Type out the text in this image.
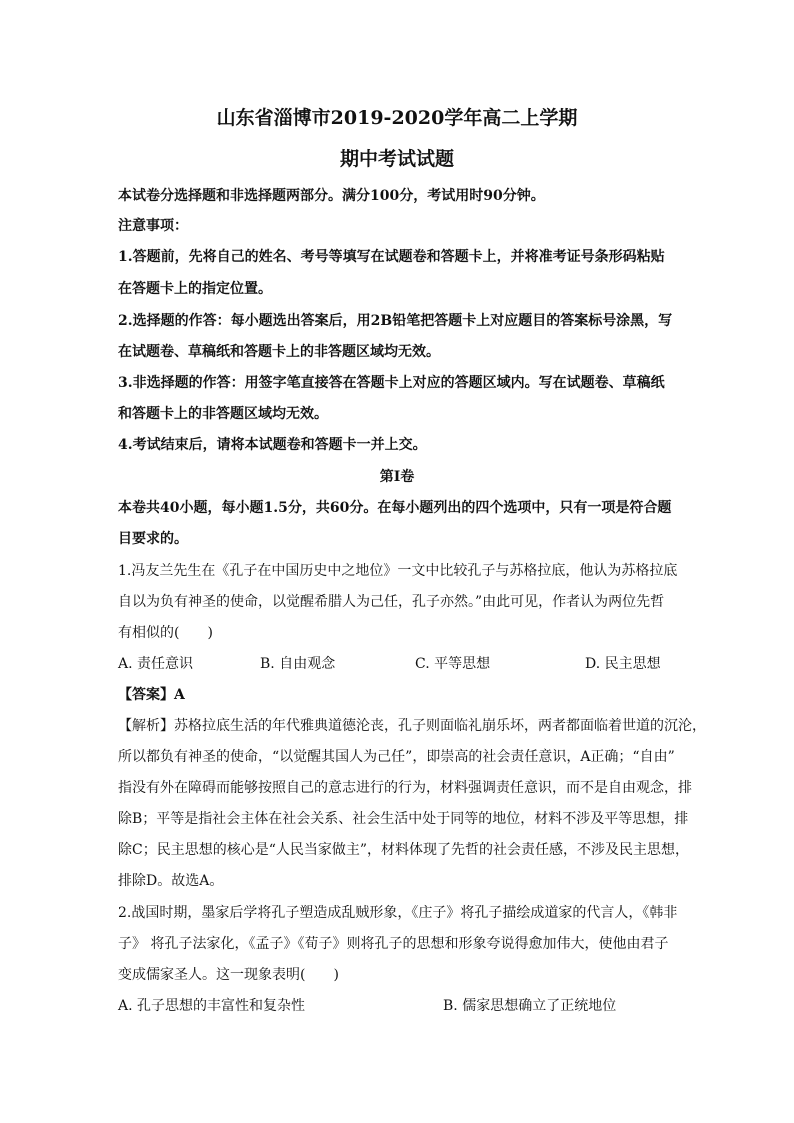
山东省淄博市2019-2020学年高二上学期
期中考试试题
本试卷分选择题和非选择题两部分。满分100分，考试用时90分钟。
注意事项：
1.答题前，先将自己的姓名、考号等填写在试题卷和答题卡上，并将准考证号条形码粘贴
在答题卡上的指定位置。
2.选择题的作答：每小题选出答案后，用2B铅笔把答题卡上对应题目的答案标号涂黑，写
在试题卷、草稿纸和答题卡上的非答题区域均无效。
3.非选择题的作答：用签字笔直接答在答题卡上对应的答题区域内。写在试题卷、草稿纸
和答题卡上的非答题区域均无效。
4.考试结束后，请将本试题卷和答题卡一并上交。
第Ⅰ卷
本卷共40小题，每小题1.5分，共60分。在每小题列出的四个选项中，只有一项是符合题
目要求的。
1.冯友兰先生在《孔子在中国历史中之地位》一文中比较孔子与苏格拉底，他认为苏格拉底
自以为负有神圣的使命，以觉醒希腊人为己任，孔子亦然。”由此可见，作者认为两位先哲
有相似的(　　)
A. 责任意识	B. 自由观念	C. 平等思想	D. 民主思想
【答案】A
【解析】苏格拉底生活的年代雅典道德沦丧，孔子则面临礼崩乐坏，两者都面临着世道的沉沦，
所以都负有神圣的使命，“以觉醒其国人为己任”，即崇高的社会责任意识，A正确；“自由”
指没有外在障碍而能够按照自己的意志进行的行为，材料强调责任意识，而不是自由观念，排
除B；平等是指社会主体在社会关系、社会生活中处于同等的地位，材料不涉及平等思想，排
除C；民主思想的核心是“人民当家做主”，材料体现了先哲的社会责任感，不涉及民主思想，
排除D。故选A。
2.战国时期，墨家后学将孔子塑造成乱贼形象，《庄子》将孔子描绘成道家的代言人，《韩非
子》 将孔子法家化，《孟子》《荀子》则将孔子的思想和形象夸说得愈加伟大，使他由君子
变成儒家圣人。这一现象表明(　　)
A. 孔子思想的丰富性和复杂性	B. 儒家思想确立了正统地位
